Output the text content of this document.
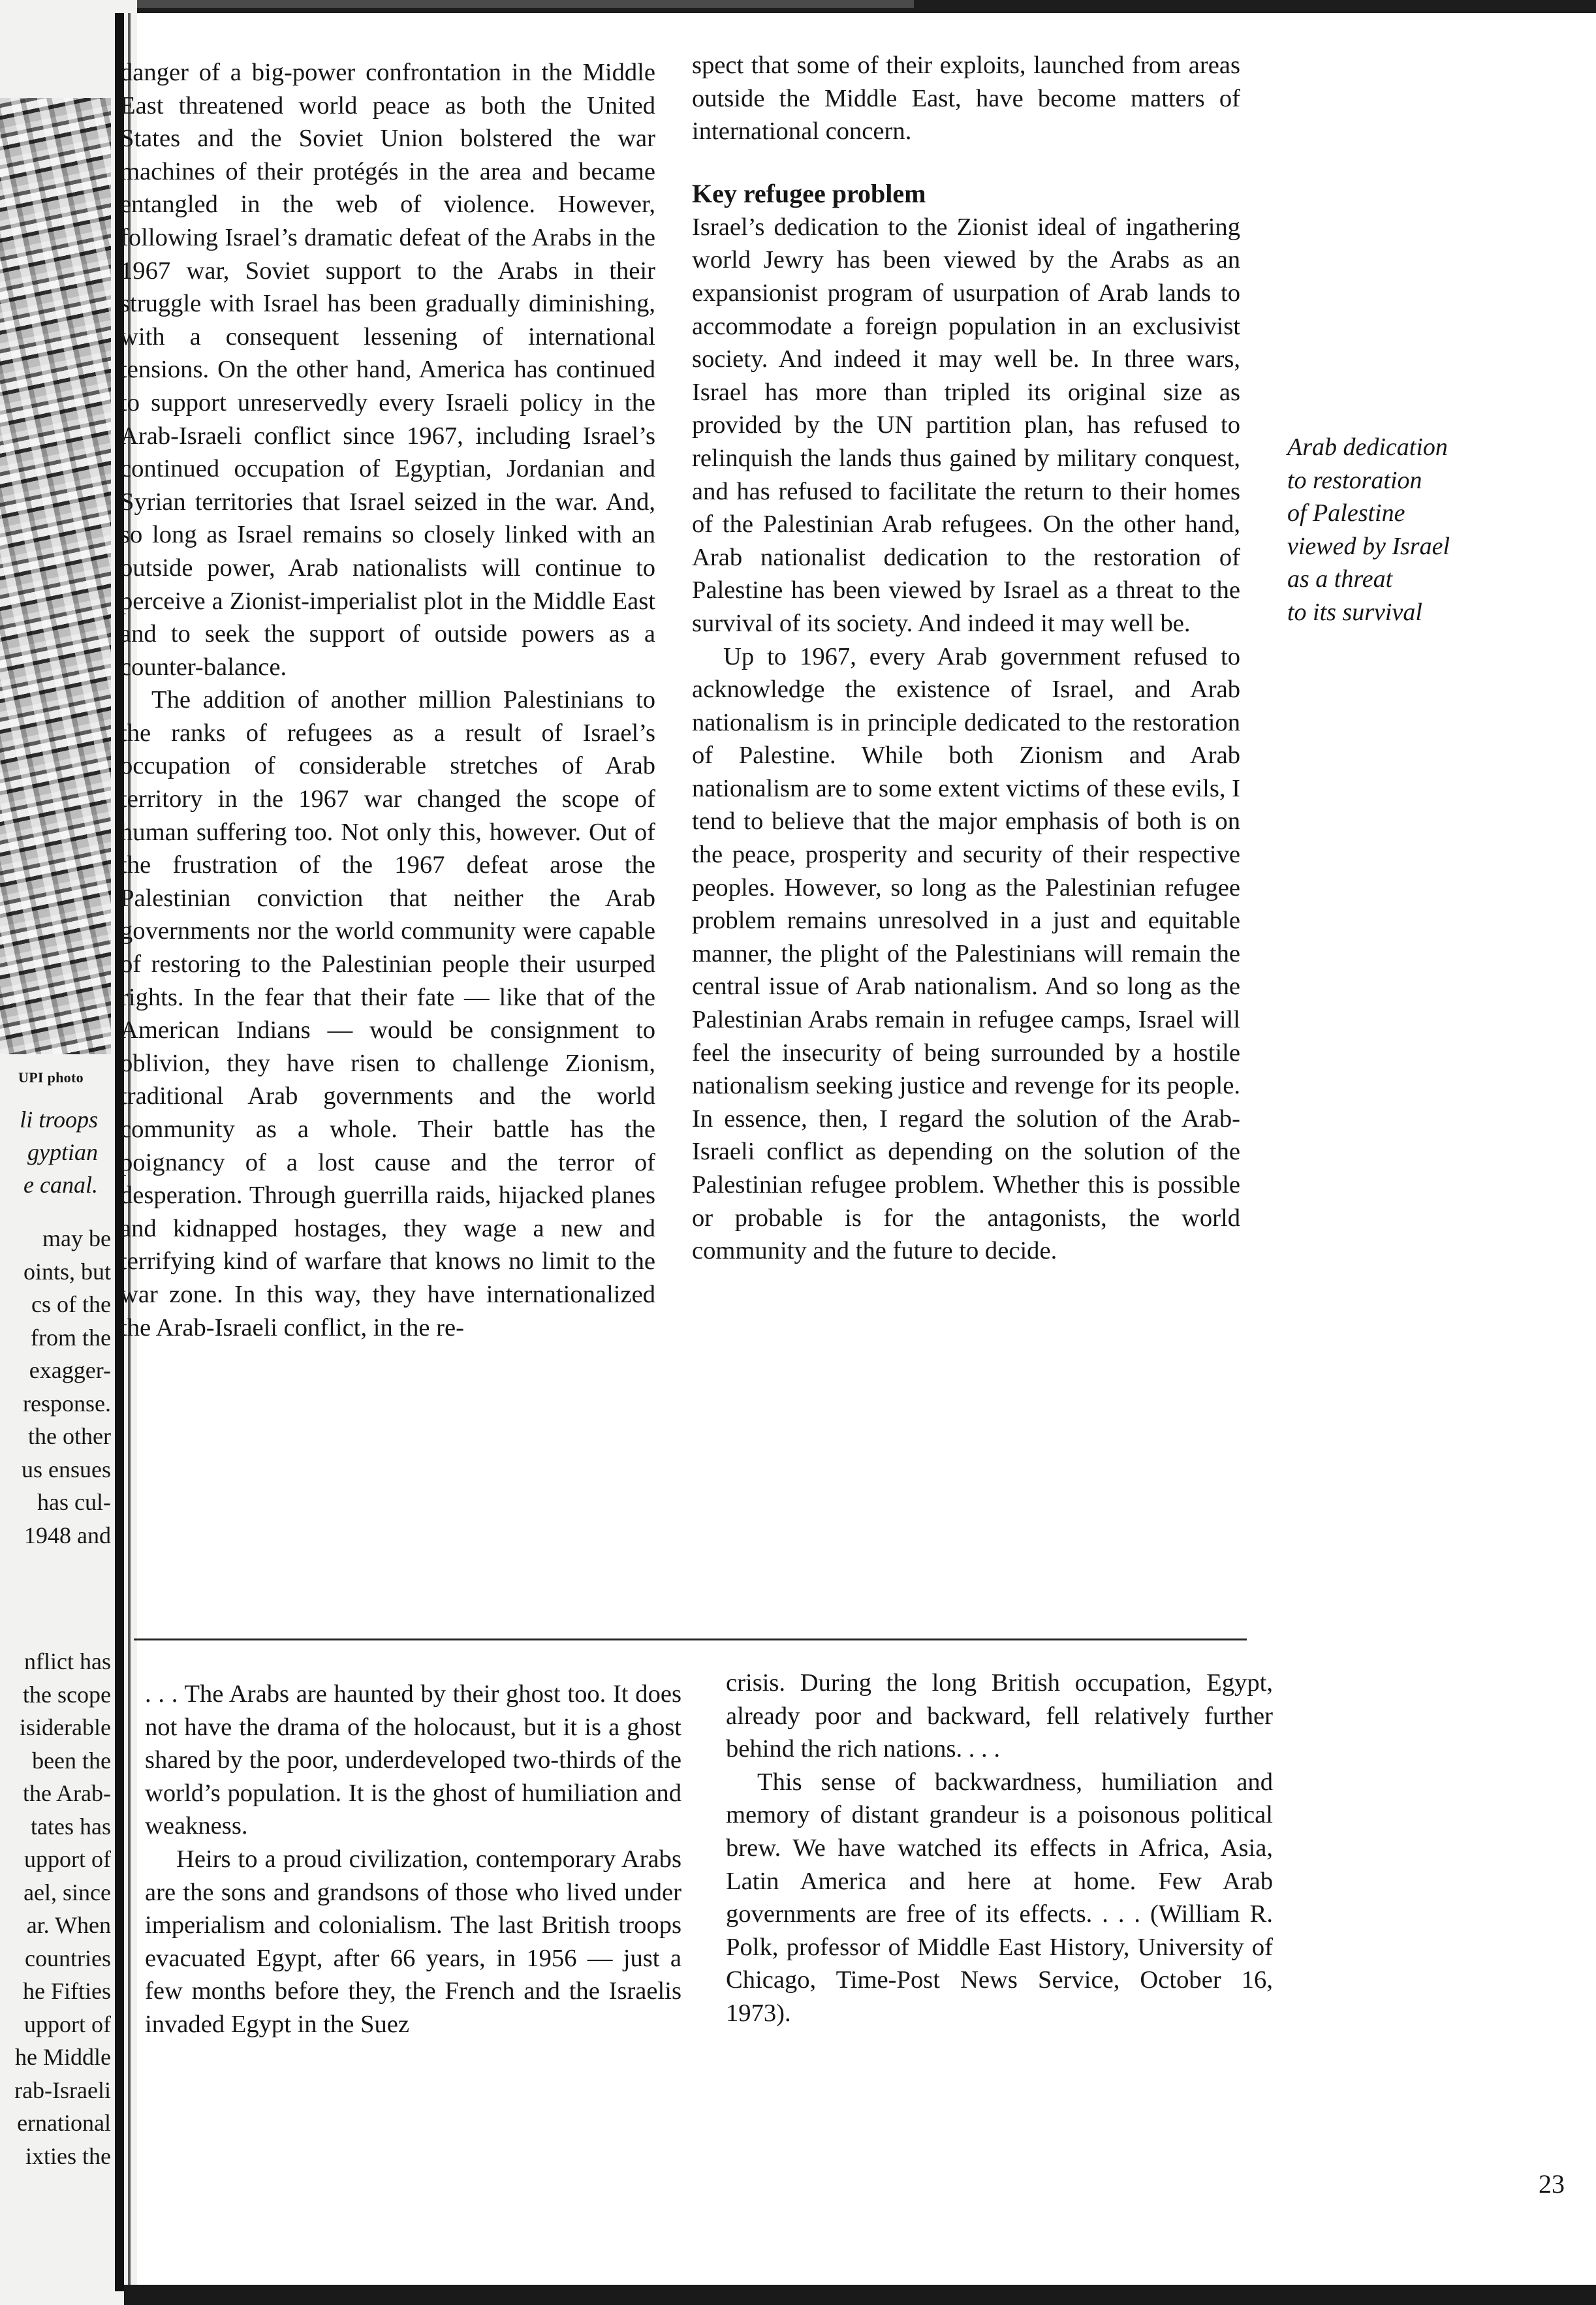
UPI photo
li troops
gyptian
e canal.
may be
oints, but
cs of the
from the
exagger-
response.
the other
us ensues
has cul-
1948 and
nflict has
the scope
isiderable
been the
the Arab-
tates has
upport of
ael, since
ar. When
countries
he Fifties
upport of
he Middle
rab-Israeli
ernational
ixties the

danger of a big-power confrontation in the Middle East threatened world peace as both the United States and the Soviet Union bolstered the war machines of their protégés in the area and became entangled in the web of violence. However, following Israel’s dramatic defeat of the Arabs in the 1967 war, Soviet support to the Arabs in their struggle with Israel has been gradually diminishing, with a consequent lessening of international tensions. On the other hand, America has continued to support unreservedly every Israeli policy in the Arab-Israeli conflict since 1967, including Israel’s continued occupation of Egyptian, Jordanian and Syrian territories that Israel seized in the war. And, so long as Israel remains so closely linked with an outside power, Arab nationalists will continue to perceive a Zionist-imperialist plot in the Middle East and to seek the support of outside powers as a counter-balance.

The addition of another million Palestinians to the ranks of refugees as a result of Israel’s occupation of considerable stretches of Arab territory in the 1967 war changed the scope of human suffering too. Not only this, however. Out of the frustration of the 1967 defeat arose the Palestinian conviction that neither the Arab governments nor the world community were capable of restoring to the Palestinian people their usurped rights. In the fear that their fate — like that of the American Indians — would be consignment to oblivion, they have risen to challenge Zionism, traditional Arab governments and the world community as a whole. Their battle has the poignancy of a lost cause and the terror of desperation. Through guerrilla raids, hijacked planes and kidnapped hostages, they wage a new and terrifying kind of warfare that knows no limit to the war zone. In this way, they have internationalized the Arab-Israeli conflict, in the re-

spect that some of their exploits, launched from areas outside the Middle East, have become matters of international concern.

Key refugee problem

Israel’s dedication to the Zionist ideal of ingathering world Jewry has been viewed by the Arabs as an expansionist program of usurpation of Arab lands to accommodate a foreign population in an exclusivist society. And indeed it may well be. In three wars, Israel has more than tripled its original size as provided by the UN partition plan, has refused to relinquish the lands thus gained by military conquest, and has refused to facilitate the return to their homes of the Palestinian Arab refugees. On the other hand, Arab nationalist dedication to the restoration of Palestine has been viewed by Israel as a threat to the survival of its society. And indeed it may well be.

Up to 1967, every Arab government refused to acknowledge the existence of Israel, and Arab nationalism is in principle dedicated to the restoration of Palestine. While both Zionism and Arab nationalism are to some extent victims of these evils, I tend to believe that the major emphasis of both is on the peace, prosperity and security of their respective peoples. However, so long as the Palestinian refugee problem remains unresolved in a just and equitable manner, the plight of the Palestinians will remain the central issue of Arab nationalism. And so long as the Palestinian Arabs remain in refugee camps, Israel will feel the insecurity of being surrounded by a hostile nationalism seeking justice and revenge for its people. In essence, then, I regard the solution of the Arab-Israeli conflict as depending on the solution of the Palestinian refugee problem. Whether this is possible or probable is for the antagonists, the world community and the future to decide.

Arab dedication
to restoration
of Palestine
viewed by Israel
as a threat
to its survival

. . . The Arabs are haunted by their ghost too. It does not have the drama of the holocaust, but it is a ghost shared by the poor, underdeveloped two-thirds of the world’s population. It is the ghost of humiliation and weakness.

Heirs to a proud civilization, contemporary Arabs are the sons and grandsons of those who lived under imperialism and colonialism. The last British troops evacuated Egypt, after 66 years, in 1956 — just a few months before they, the French and the Israelis invaded Egypt in the Suez

crisis. During the long British occupation, Egypt, already poor and backward, fell relatively further behind the rich nations. . . .

This sense of backwardness, humiliation and memory of distant grandeur is a poisonous political brew. We have watched its effects in Africa, Asia, Latin America and here at home. Few Arab governments are free of its effects. . . . (William R. Polk, professor of Middle East History, University of Chicago, Time-Post News Service, October 16, 1973).

23
